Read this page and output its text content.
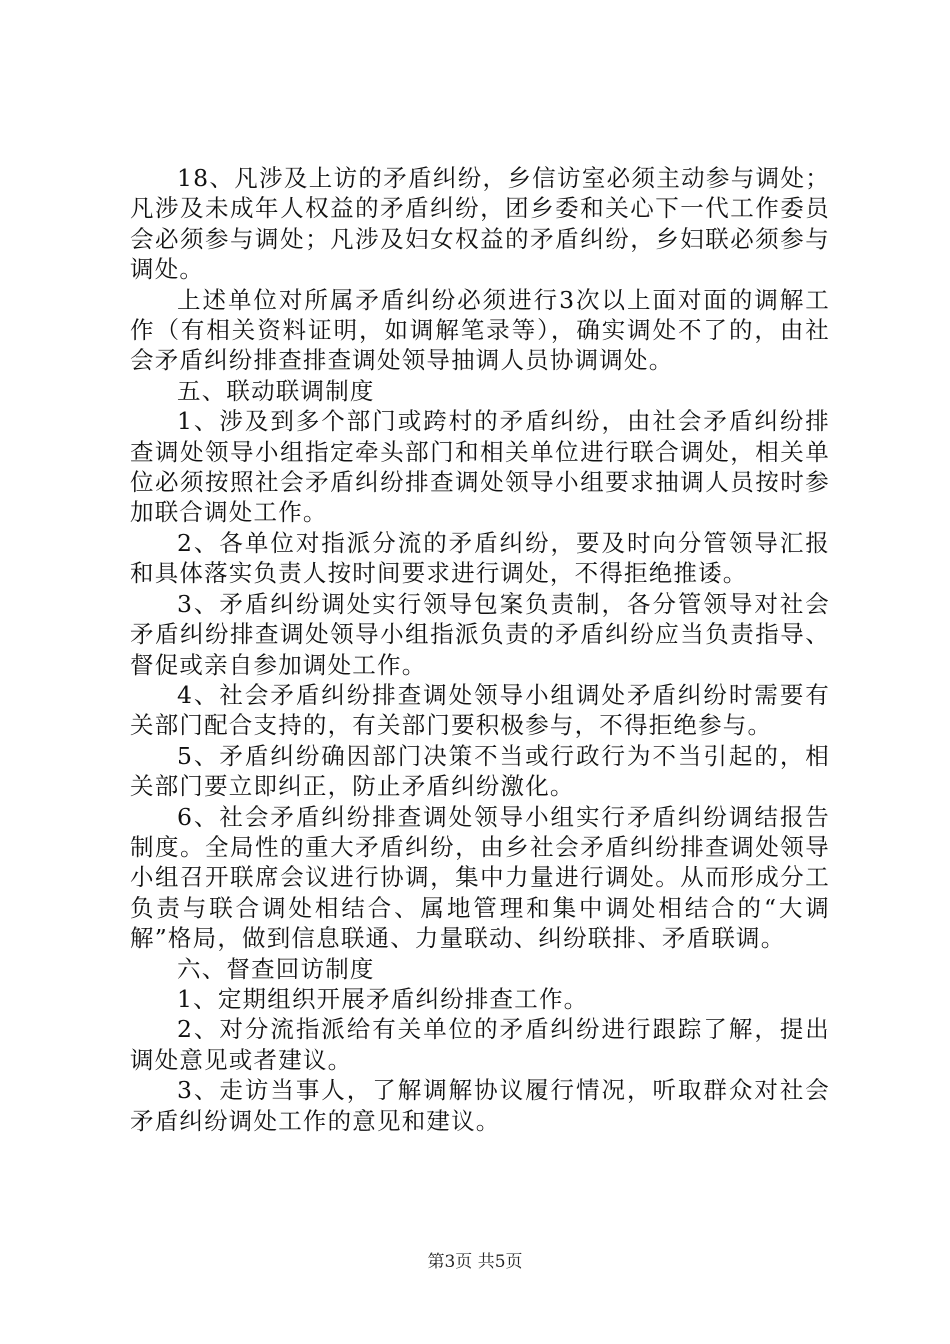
18、凡涉及上访的矛盾纠纷，乡信访室必须主动参与调处；凡涉及未成年人权益的矛盾纠纷，团乡委和关心下一代工作委员会必须参与调处；凡涉及妇女权益的矛盾纠纷，乡妇联必须参与调处。

上述单位对所属矛盾纠纷必须进行3次以上面对面的调解工作（有相关资料证明，如调解笔录等），确实调处不了的，由社会矛盾纠纷排查排查调处领导抽调人员协调调处。

五、联动联调制度

1、涉及到多个部门或跨村的矛盾纠纷，由社会矛盾纠纷排查调处领导小组指定牵头部门和相关单位进行联合调处，相关单位必须按照社会矛盾纠纷排查调处领导小组要求抽调人员按时参加联合调处工作。

2、各单位对指派分流的矛盾纠纷，要及时向分管领导汇报和具体落实负责人按时间要求进行调处，不得拒绝推诿。

3、矛盾纠纷调处实行领导包案负责制，各分管领导对社会矛盾纠纷排查调处领导小组指派负责的矛盾纠纷应当负责指导、督促或亲自参加调处工作。

4、社会矛盾纠纷排查调处领导小组调处矛盾纠纷时需要有关部门配合支持的，有关部门要积极参与，不得拒绝参与。

5、矛盾纠纷确因部门决策不当或行政行为不当引起的，相关部门要立即纠正，防止矛盾纠纷激化。

6、社会矛盾纠纷排查调处领导小组实行矛盾纠纷调结报告制度。全局性的重大矛盾纠纷，由乡社会矛盾纠纷排查调处领导小组召开联席会议进行协调，集中力量进行调处。从而形成分工负责与联合调处相结合、属地管理和集中调处相结合的“大调解”格局，做到信息联通、力量联动、纠纷联排、矛盾联调。

六、督查回访制度

1、定期组织开展矛盾纠纷排查工作。

2、对分流指派给有关单位的矛盾纠纷进行跟踪了解，提出调处意见或者建议。

3、走访当事人，了解调解协议履行情况，听取群众对社会矛盾纠纷调处工作的意见和建议。

第3页 共5页
